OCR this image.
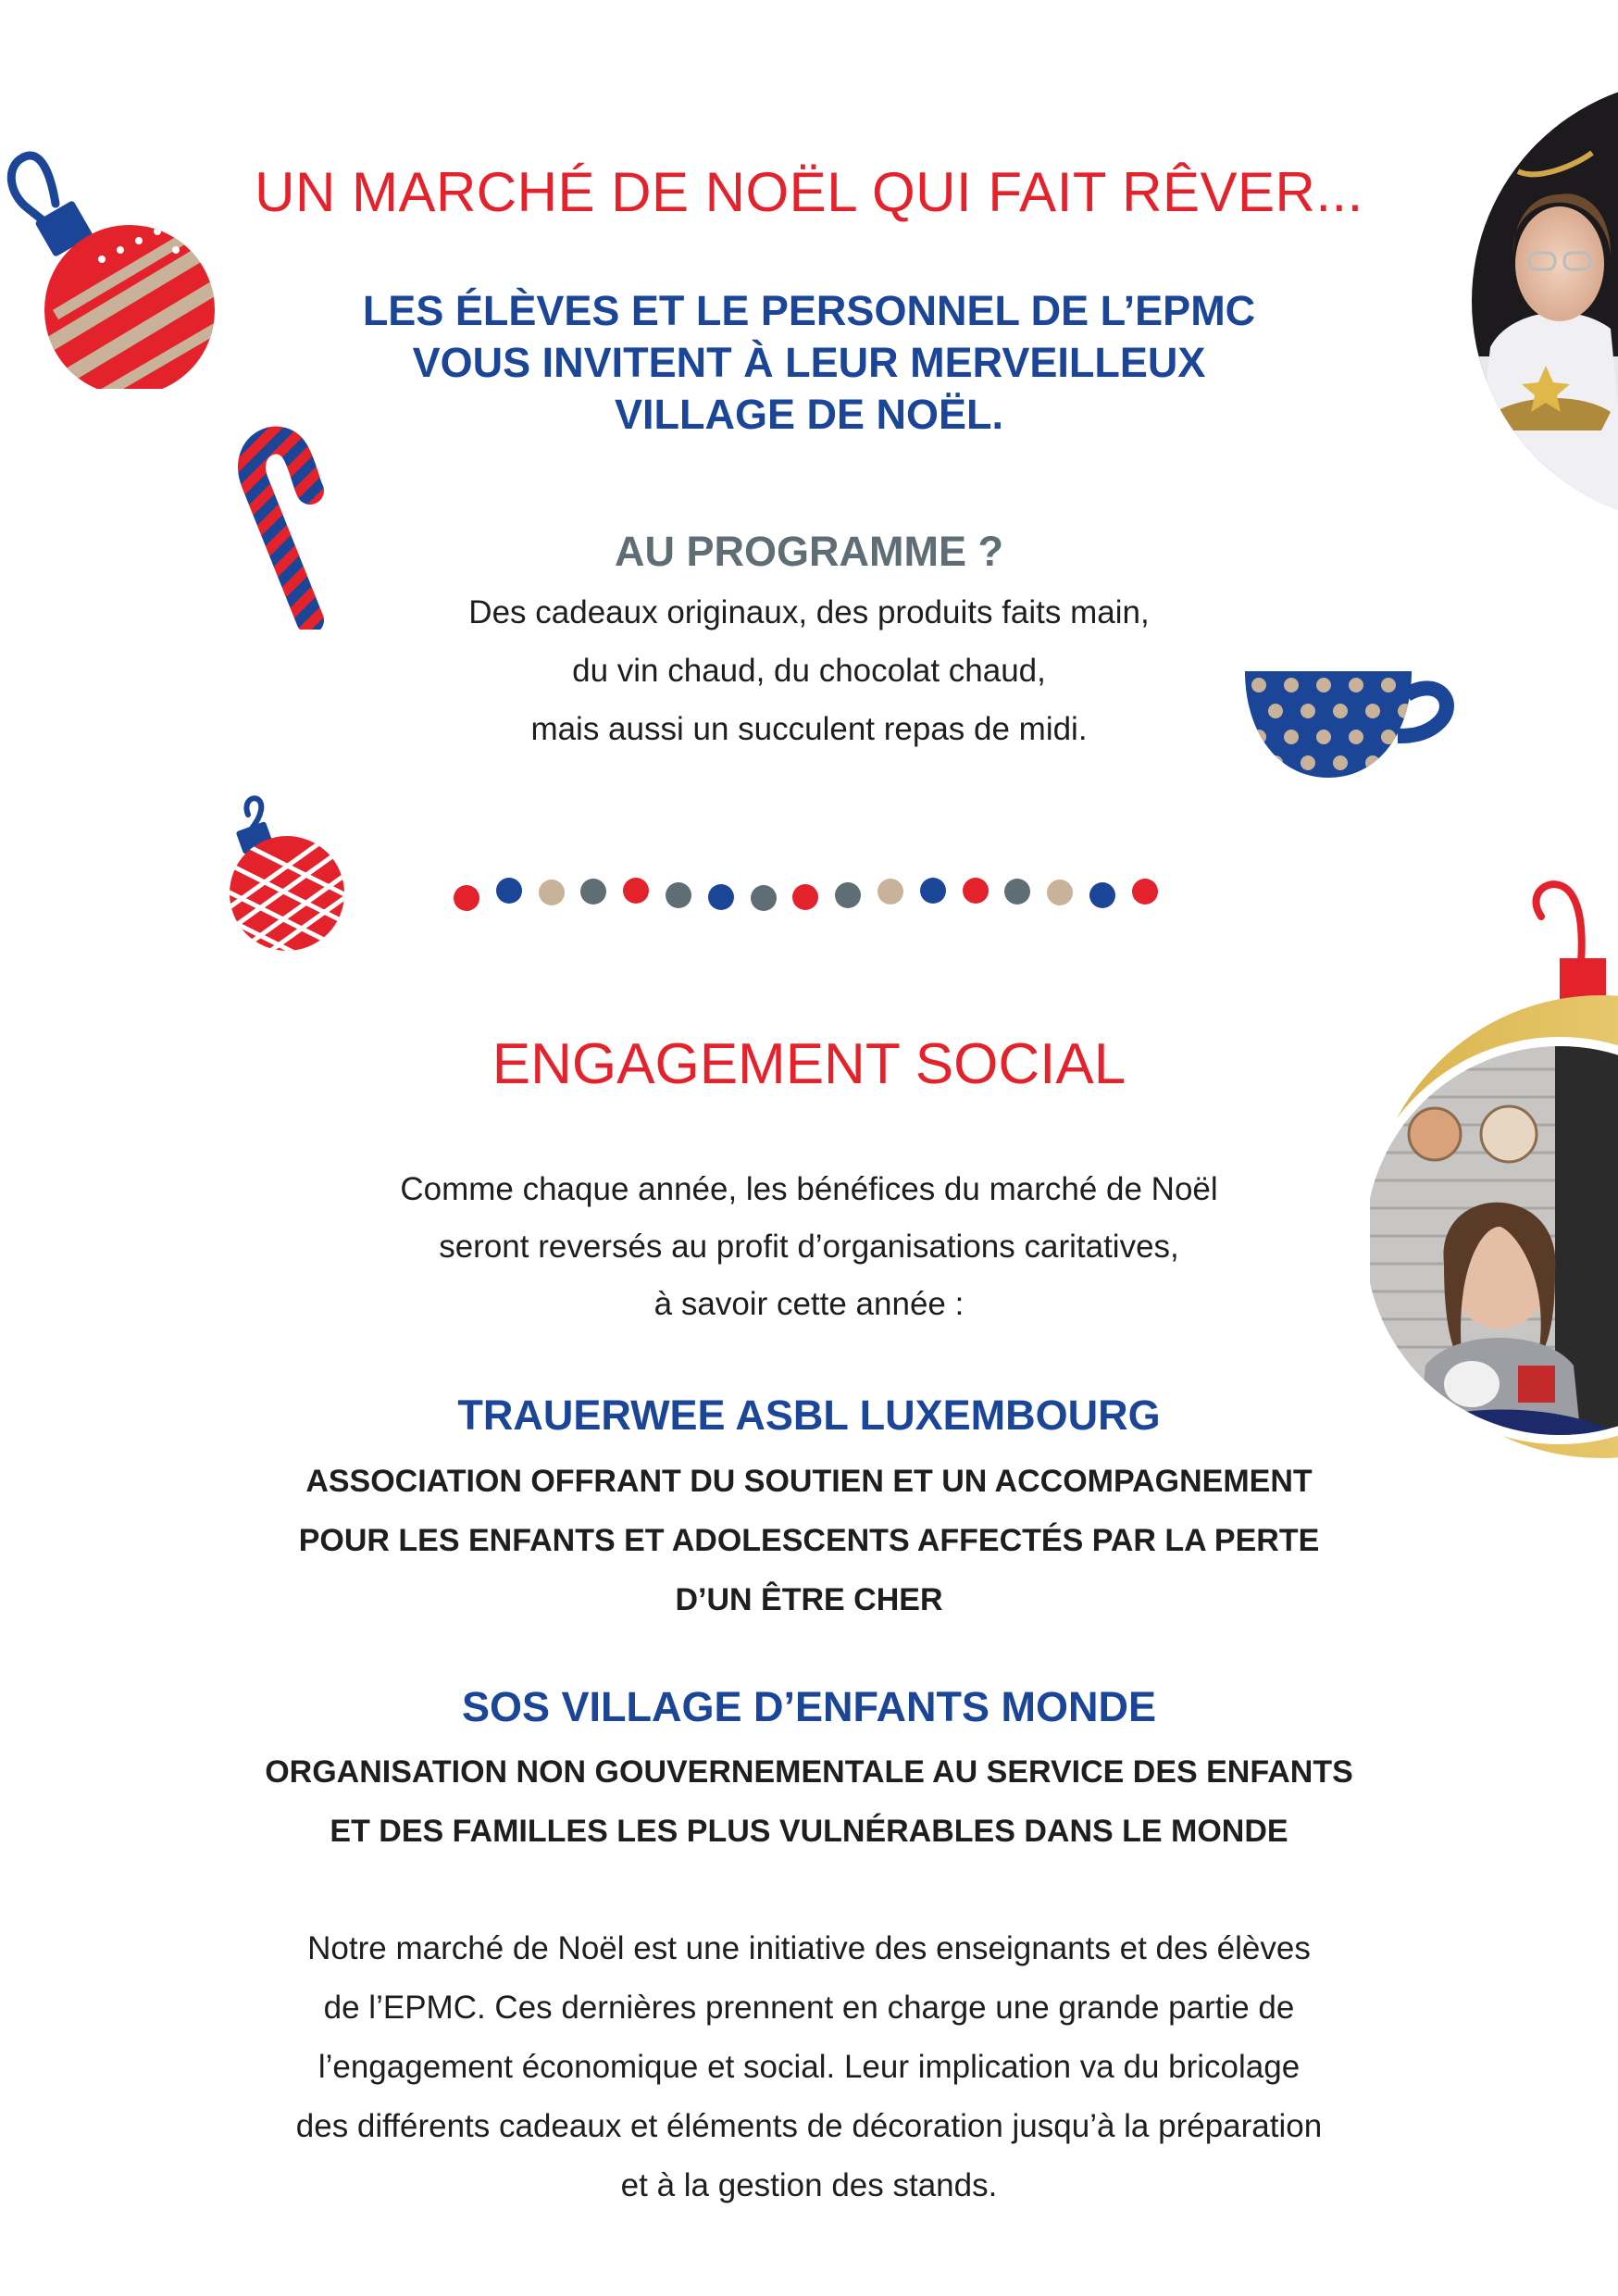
UN MARCHÉ DE NOËL QUI FAIT RÊVER...
LES ÉLÈVES ET LE PERSONNEL DE L’EPMC
VOUS INVITENT À LEUR MERVEILLEUX
VILLAGE DE NOËL.
AU PROGRAMME ?
Des cadeaux originaux, des produits faits main,
du vin chaud, du chocolat chaud,
mais aussi un succulent repas de midi.
ENGAGEMENT SOCIAL
Comme chaque année, les bénéfices du marché de Noël
seront reversés au profit d’organisations caritatives,
à savoir cette année :
TRAUERWEE ASBL LUXEMBOURG
ASSOCIATION OFFRANT DU SOUTIEN ET UN ACCOMPAGNEMENT
POUR LES ENFANTS ET ADOLESCENTS AFFECTÉS PAR LA PERTE
D’UN ÊTRE CHER
SOS VILLAGE D’ENFANTS MONDE
ORGANISATION NON GOUVERNEMENTALE AU SERVICE DES ENFANTS
ET DES FAMILLES LES PLUS VULNÉRABLES DANS LE MONDE
Notre marché de Noël est une initiative des enseignants et des élèves
de l’EPMC. Ces dernières prennent en charge une grande partie de
l’engagement économique et social. Leur implication va du bricolage
des différents cadeaux et éléments de décoration jusqu’à la préparation
et à la gestion des stands.
